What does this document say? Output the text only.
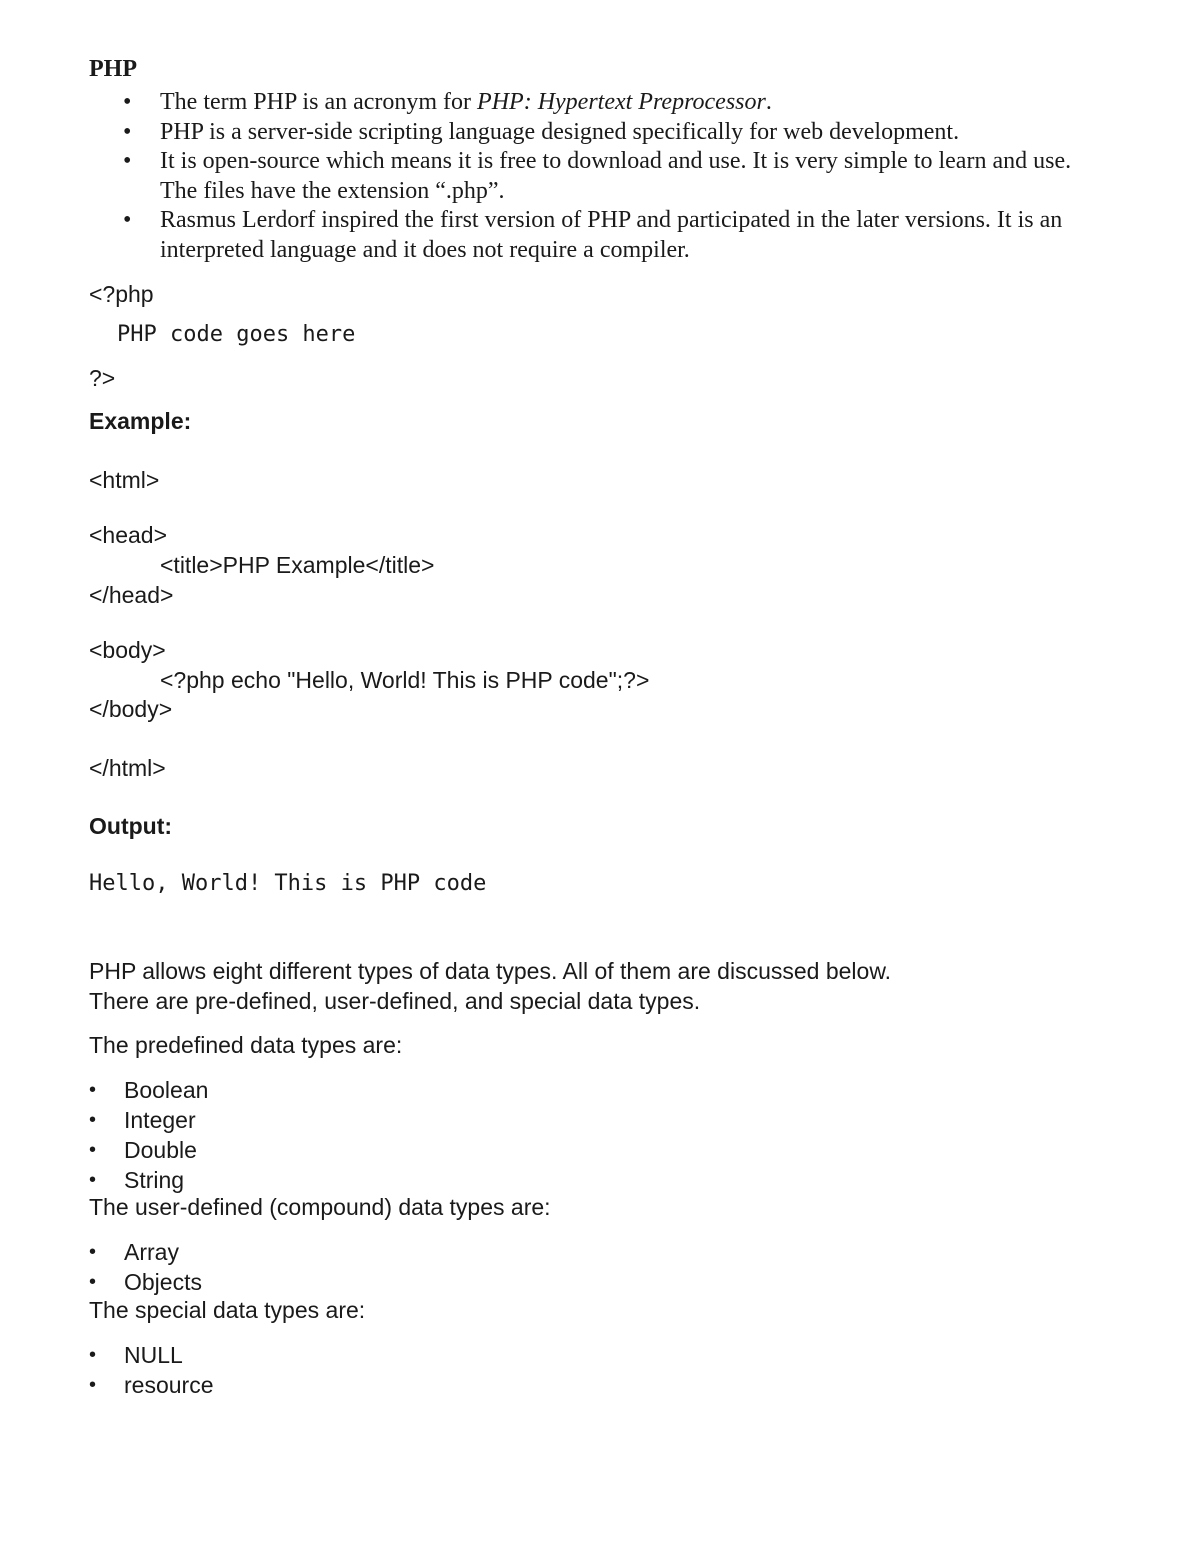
PHP

• The term PHP is an acronym for PHP: Hypertext Preprocessor.
• PHP is a server-side scripting language designed specifically for web development.
• It is open-source which means it is free to download and use. It is very simple to learn and use. The files have the extension “.php”.
• Rasmus Lerdorf inspired the first version of PHP and participated in the later versions. It is an interpreted language and it does not require a compiler.

<?php

PHP code goes here

?>

Example:

<html>

<head>

<title>PHP Example</title>

</head>

<body>

<?php echo "Hello, World! This is PHP code";?>

</body>

</html>

Output:

Hello, World! This is PHP code

PHP allows eight different types of data types. All of them are discussed below.

There are pre-defined, user-defined, and special data types.

The predefined data types are:

• Boolean
• Integer
• Double
• String

The user-defined (compound) data types are:

• Array
• Objects

The special data types are:

• NULL
• resource
